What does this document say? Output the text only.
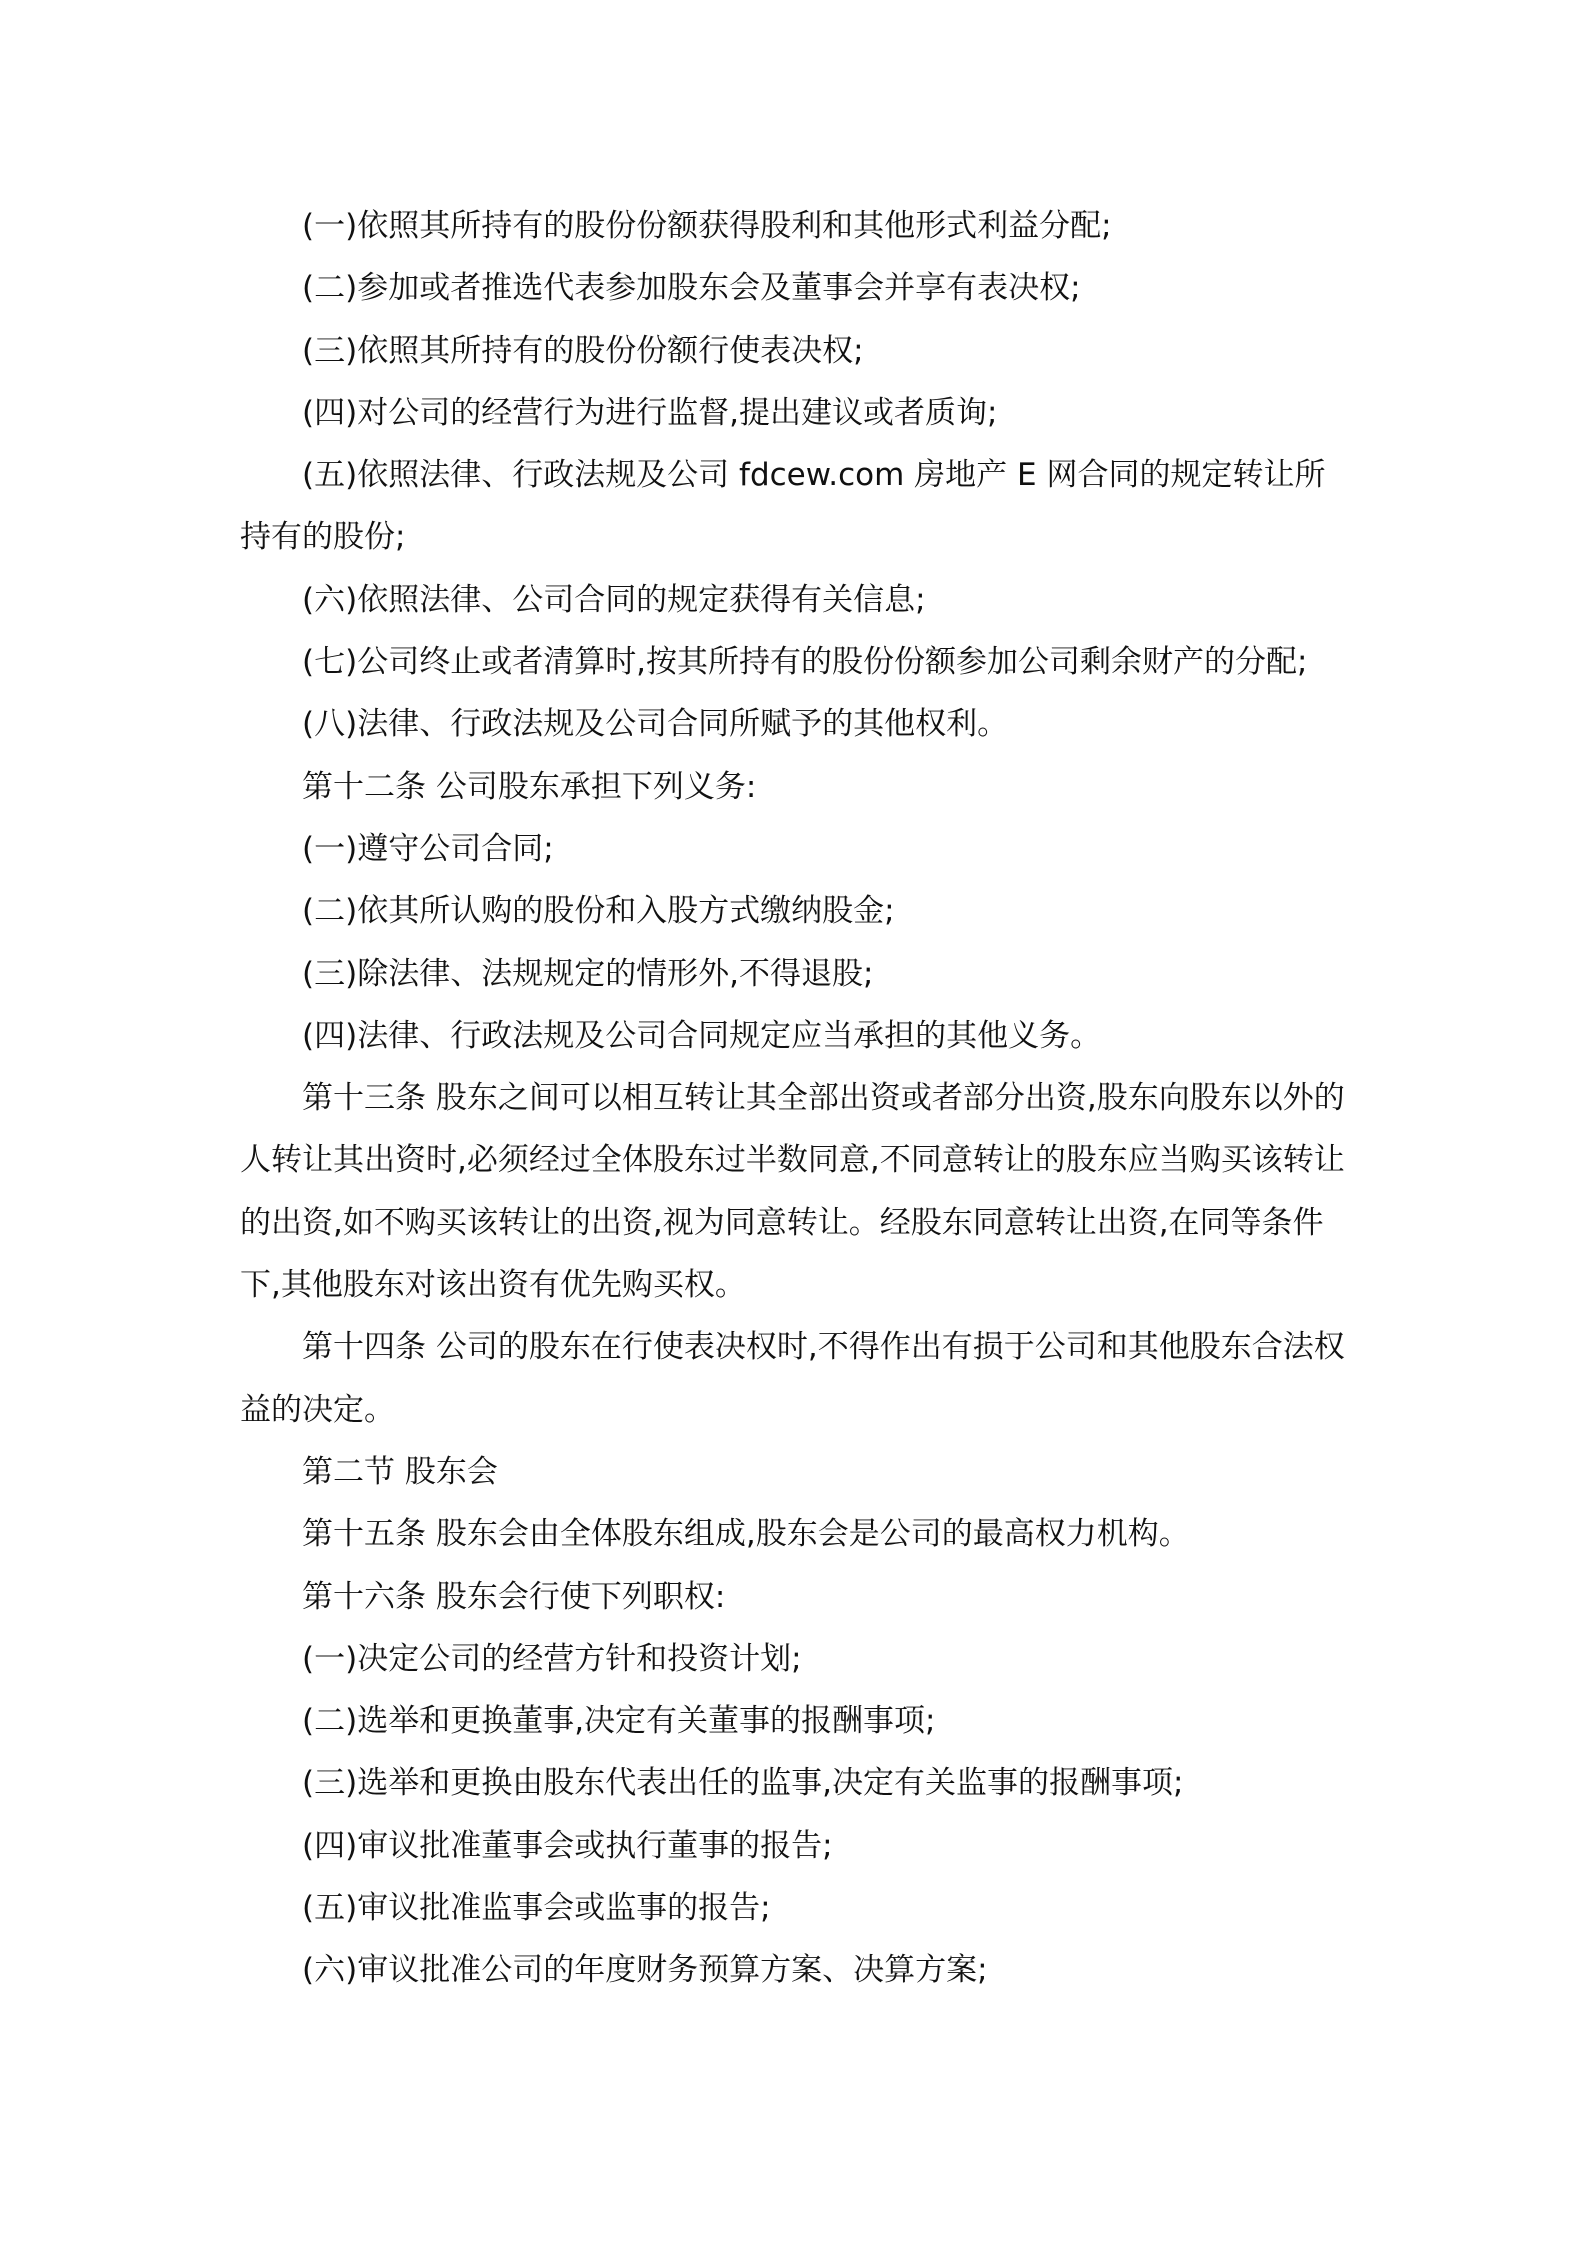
(一)依照其所持有的股份份额获得股利和其他形式利益分配;

(二)参加或者推选代表参加股东会及董事会并享有表决权;

(三)依照其所持有的股份份额行使表决权;

(四)对公司的经营行为进行监督,提出建议或者质询;

(五)依照法律、行政法规及公司 fdcew.com 房地产 E 网合同的规定转让所持有的股份;

(六)依照法律、公司合同的规定获得有关信息;

(七)公司终止或者清算时,按其所持有的股份份额参加公司剩余财产的分配;

(八)法律、行政法规及公司合同所赋予的其他权利。

第十二条 公司股东承担下列义务:

(一)遵守公司合同;

(二)依其所认购的股份和入股方式缴纳股金;

(三)除法律、法规规定的情形外,不得退股;

(四)法律、行政法规及公司合同规定应当承担的其他义务。

第十三条 股东之间可以相互转让其全部出资或者部分出资,股东向股东以外的人转让其出资时,必须经过全体股东过半数同意,不同意转让的股东应当购买该转让的出资,如不购买该转让的出资,视为同意转让。经股东同意转让出资,在同等条件下,其他股东对该出资有优先购买权。

第十四条 公司的股东在行使表决权时,不得作出有损于公司和其他股东合法权益的决定。

第二节 股东会

第十五条 股东会由全体股东组成,股东会是公司的最高权力机构。

第十六条 股东会行使下列职权:

(一)决定公司的经营方针和投资计划;

(二)选举和更换董事,决定有关董事的报酬事项;

(三)选举和更换由股东代表出任的监事,决定有关监事的报酬事项;

(四)审议批准董事会或执行董事的报告;

(五)审议批准监事会或监事的报告;

(六)审议批准公司的年度财务预算方案、决算方案;
